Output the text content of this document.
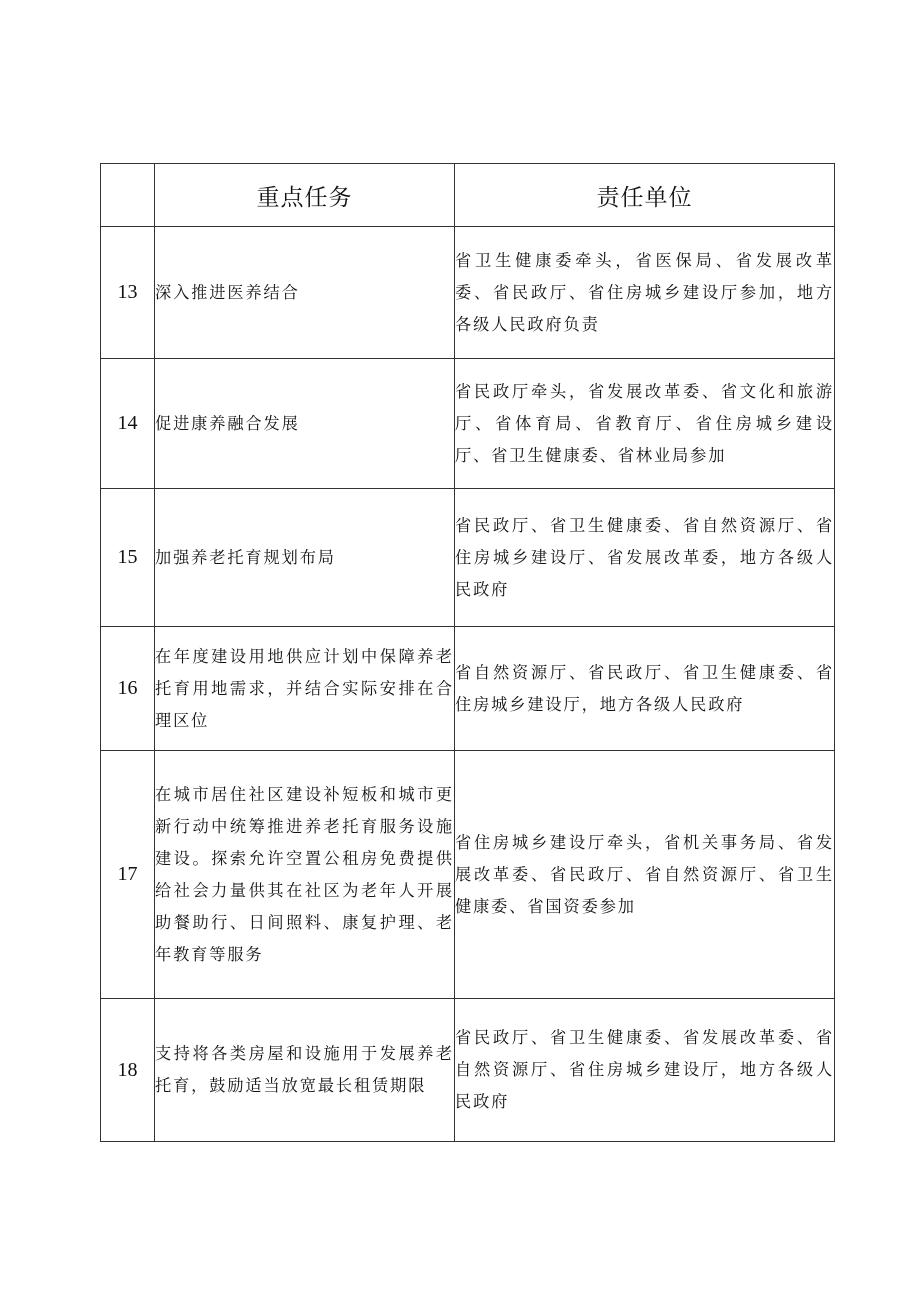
	重点任务	责任单位
13	深入推进医养结合	省卫生健康委牵头，省医保局、省发展改革委、省民政厅、省住房城乡建设厅参加，地方各级人民政府负责
14	促进康养融合发展	省民政厅牵头，省发展改革委、省文化和旅游厅、省体育局、省教育厅、省住房城乡建设厅、省卫生健康委、省林业局参加
15	加强养老托育规划布局	省民政厅、省卫生健康委、省自然资源厅、省住房城乡建设厅、省发展改革委，地方各级人民政府
16	在年度建设用地供应计划中保障养老托育用地需求，并结合实际安排在合理区位	省自然资源厅、省民政厅、省卫生健康委、省住房城乡建设厅，地方各级人民政府
17	在城市居住社区建设补短板和城市更新行动中统筹推进养老托育服务设施建设。探索允许空置公租房免费提供给社会力量供其在社区为老年人开展助餐助行、日间照料、康复护理、老年教育等服务	省住房城乡建设厅牵头，省机关事务局、省发展改革委、省民政厅、省自然资源厅、省卫生健康委、省国资委参加
18	支持将各类房屋和设施用于发展养老托育，鼓励适当放宽最长租赁期限	省民政厅、省卫生健康委、省发展改革委、省自然资源厅、省住房城乡建设厅，地方各级人民政府
